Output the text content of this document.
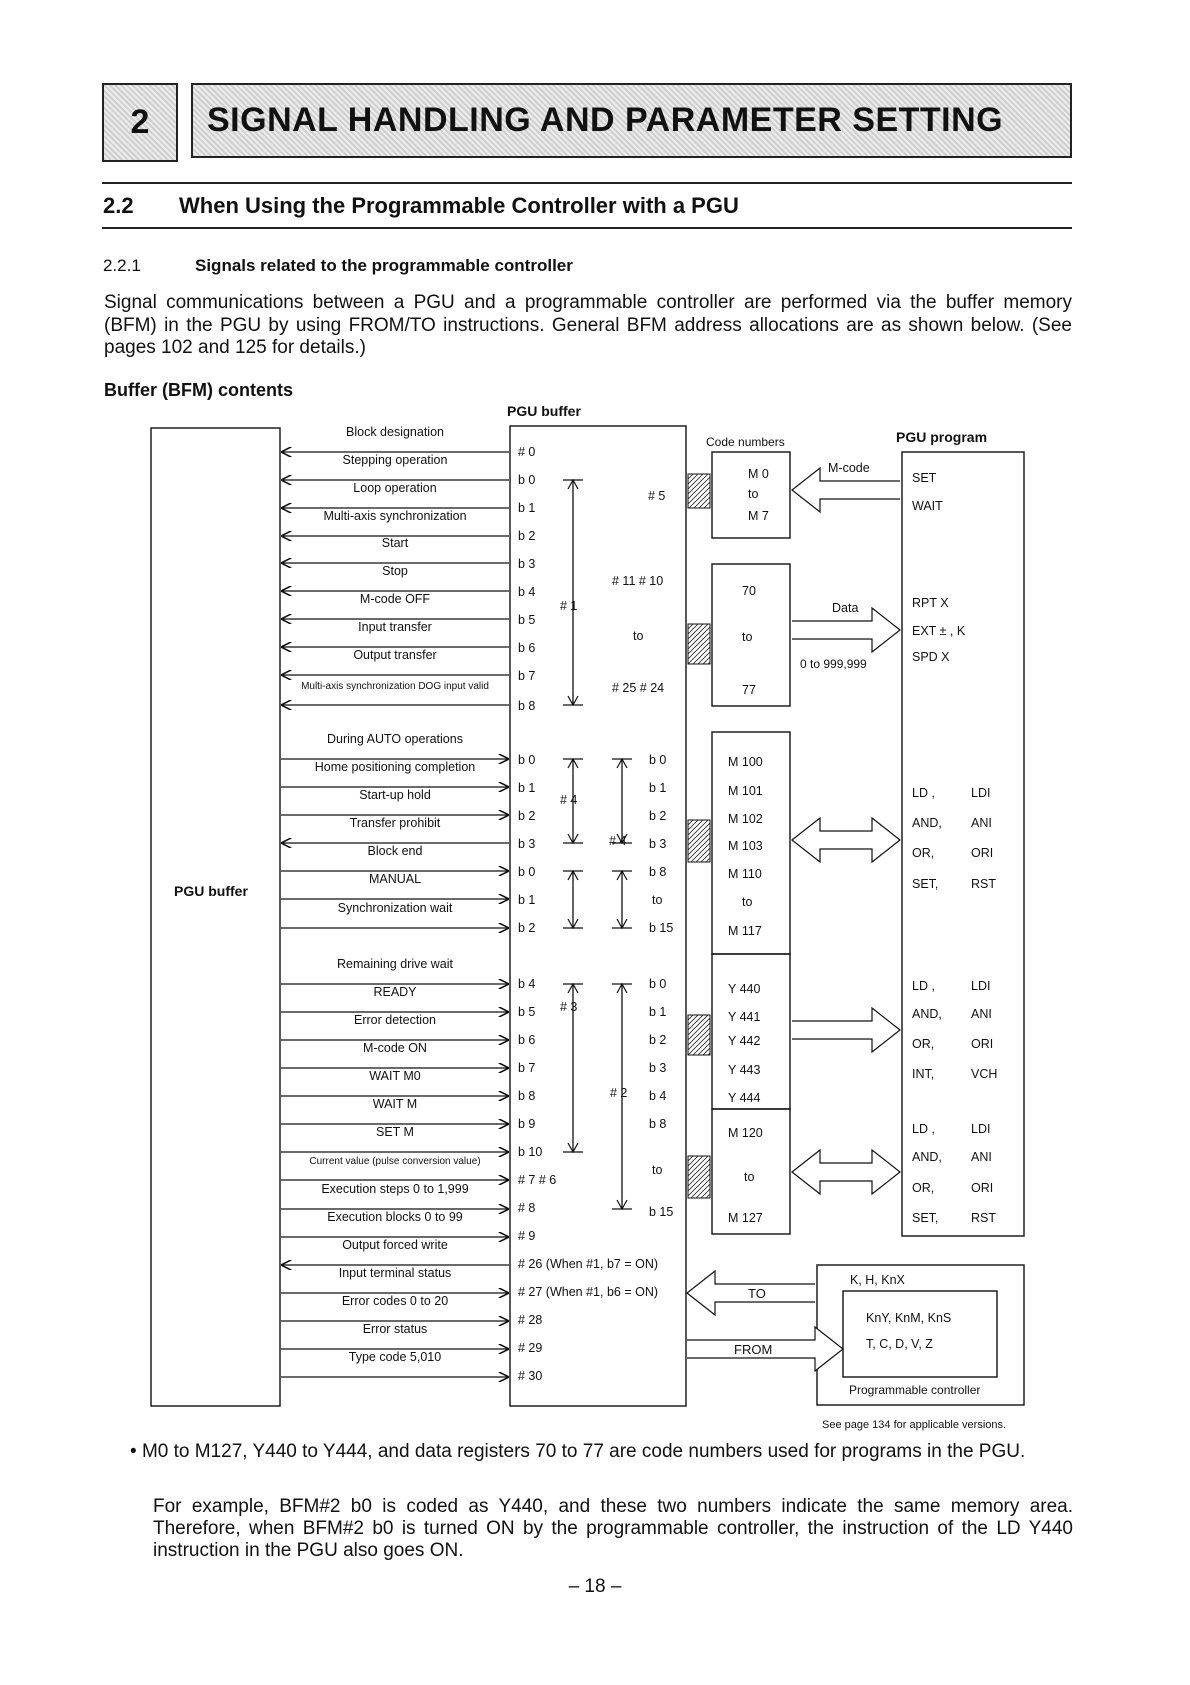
2 SIGNAL HANDLING AND PARAMETER SETTING
2.2 When Using the Programmable Controller with a PGU
2.2.1	Signals related to the programmable controller
Signal communications between a PGU and a programmable controller are performed via the buffer memory (BFM) in the PGU by using FROM/TO instructions. General BFM address allocations are as shown below. (See pages 102 and 125 for details.)
Buffer (BFM) contents
PGU buffer
PGU buffer
Code numbers	PGU program
Block designation
# 0
Stepping operation
b 0
Loop operation
b 1
Multi-axis synchronization
b 2
Start
b 3
Stop
b 4
M-code OFF
b 5
Input transfer
b 6
Output transfer
b 7
Multi-axis synchronization DOG input valid
b 8
During AUTO operations
b 0
Home positioning completion
b 1
Start-up hold
b 2
Transfer prohibit
b 3
Block end
b 0
MANUAL
b 1
Synchronization wait
b 2
Remaining drive wait
b 4
READY
b 5
Error detection
b 6
M-code ON
b 7
WAIT M0
b 8
WAIT M
b 9
SET M
b 10
Current value (pulse conversion value)
# 7 # 6
Execution steps 0 to 1,999
# 8
Execution blocks 0 to 99
# 9
Output forced write
# 26 (When #1, b7 = ON)
Input terminal status
# 27 (When #1, b6 = ON)
Error codes 0 to 20
# 28
Error status
# 29
Type code 5,010
# 30
# 5
# 11 # 10
# 1
to
# 25 # 24
# 4
# 4
# 3
# 2
b 0
b 1
b 2
b 3
b 8
to
b 15
b 0
b 1
b 2
b 3
b 4
b 8
to
b 15
M 0
to
M 7
70
to
77
M 100
M 101
M 102
M 103
M 110
to
M 117
Y 440
Y 441
Y 442
Y 443
Y 444
M 120
to
M 127
M-code
Data
0 to 999,999
SET
WAIT
RPT X
EXT ± , K
SPD X
LD ,	LDI
AND, ANI
OR,	ORI
SET,	RST
LD ,	LDI
AND, ANI
OR,	ORI
INT,	VCH
LD ,	LDI
AND, ANI
OR,	ORI
SET,	RST
K, H, KnX
KnY, KnM, KnS
T, C, D, V, Z
Programmable controller
TO
FROM
See page 134 for applicable versions.
• M0 to M127, Y440 to Y444, and data registers 70 to 77 are code numbers used for programs in the PGU.
For example, BFM#2 b0 is coded as Y440, and these two numbers indicate the same memory area. Therefore, when BFM#2 b0 is turned ON by the programmable controller, the instruction of the LD Y440 instruction in the PGU also goes ON.
– 18 –
